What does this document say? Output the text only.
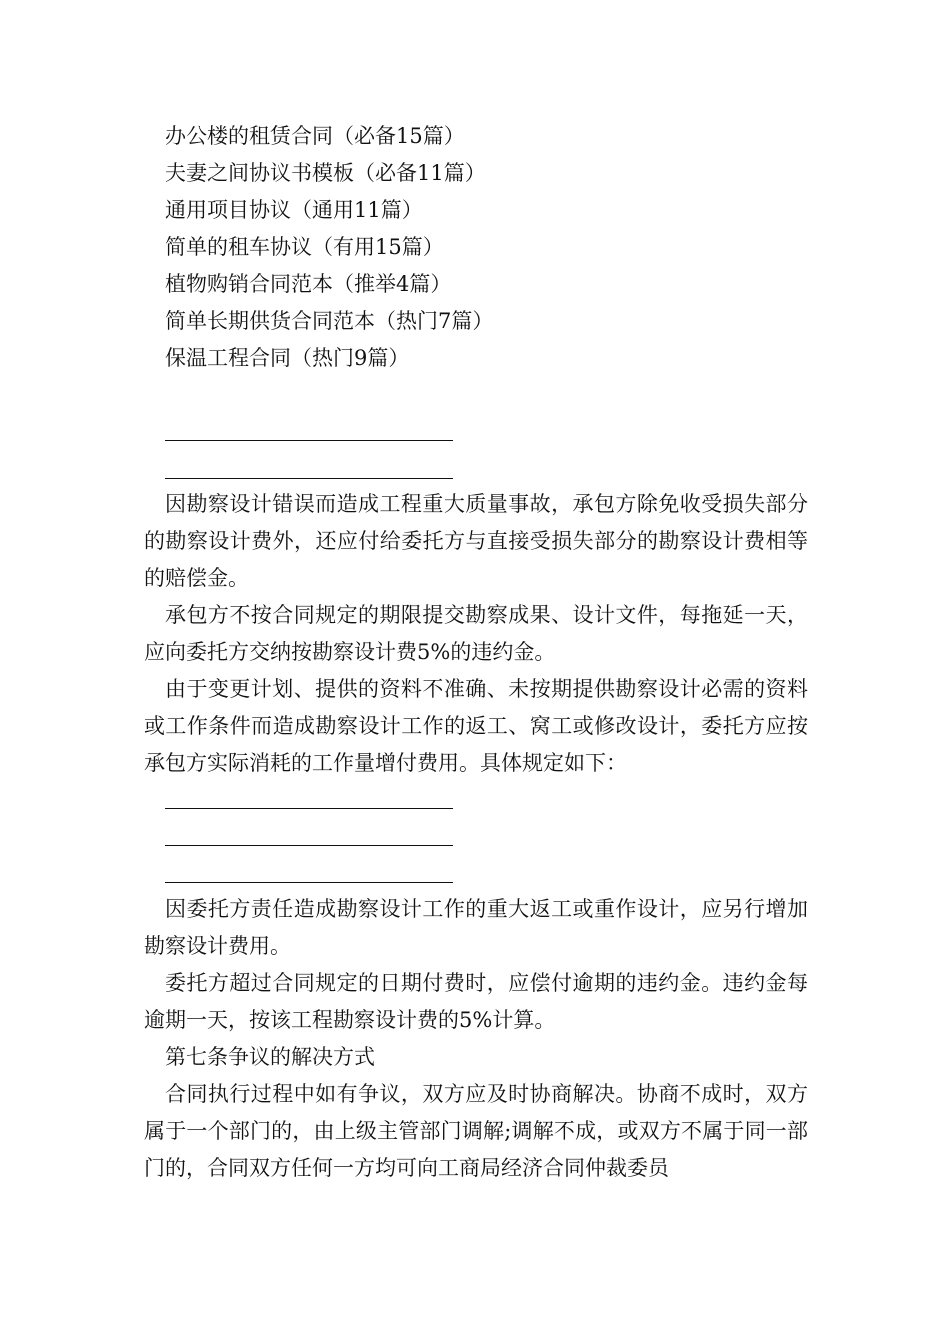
办公楼的租赁合同（必备15篇）
夫妻之间协议书模板（必备11篇）
通用项目协议（通用11篇）
简单的租车协议（有用15篇）
植物购销合同范本（推举4篇）
简单长期供货合同范本（热门7篇）
保温工程合同（热门9篇）

因勘察设计错误而造成工程重大质量事故，承包方除免收受损失部分的勘察设计费外，还应付给委托方与直接受损失部分的勘察设计费相等的赔偿金。

承包方不按合同规定的期限提交勘察成果、设计文件，每拖延一天，应向委托方交纳按勘察设计费5%的违约金。

由于变更计划、提供的资料不准确、未按期提供勘察设计必需的资料或工作条件而造成勘察设计工作的返工、窝工或修改设计，委托方应按承包方实际消耗的工作量增付费用。具体规定如下：

因委托方责任造成勘察设计工作的重大返工或重作设计，应另行增加勘察设计费用。

委托方超过合同规定的日期付费时，应偿付逾期的违约金。违约金每逾期一天，按该工程勘察设计费的5%计算。

第七条争议的解决方式

合同执行过程中如有争议，双方应及时协商解决。协商不成时，双方属于一个部门的，由上级主管部门调解;调解不成，或双方不属于同一部门的，合同双方任何一方均可向工商局经济合同仲裁委员
